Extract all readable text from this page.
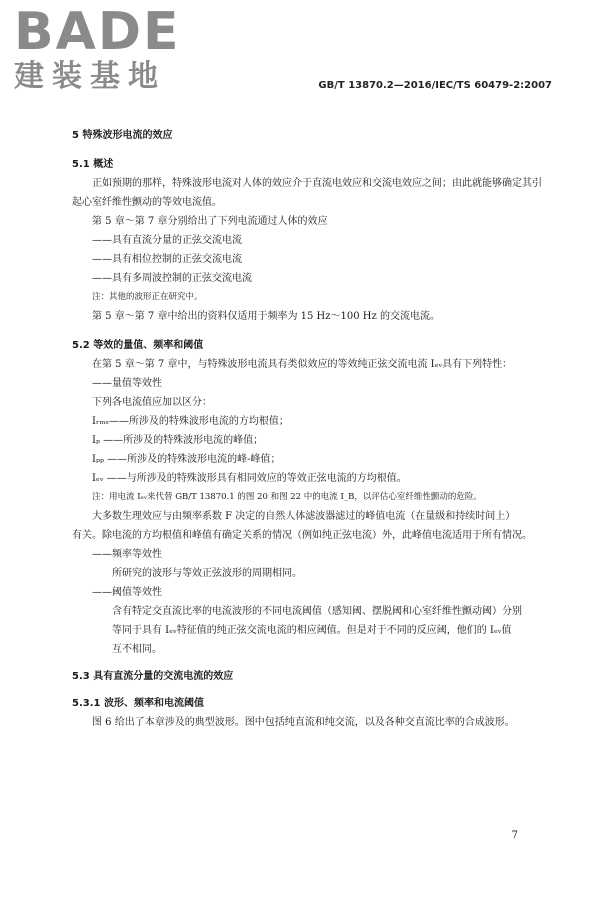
BADE
建装基地	GB/T 13870.2—2016/IEC/TS 60479-2:2007
5 特殊波形电流的效应
5.1 概述

正如预期的那样，特殊波形电流对人体的效应介于直流电效应和交流电效应之间；由此就能够确定其引起心室纤维性颤动的等效电流值。

第 5 章～第 7 章分别给出了下列电流通过人体的效应

——具有直流分量的正弦交流电流

——具有相位控制的正弦交流电流

——具有多周波控制的正弦交流电流

注：其他的波形正在研究中。

第 5 章～第 7 章中给出的资料仅适用于频率为 15 Hz～100 Hz 的交流电流。

5.2 等效的量值、频率和阈值

在第 5 章～第 7 章中，与特殊波形电流具有类似效应的等效纯正弦交流电流 Iₑᵥ具有下列特性：

——量值等效性

下列各电流值应加以区分：

Iᵣₘₛ——所涉及的特殊波形电流的方均根值；

Iₚ ——所涉及的特殊波形电流的峰值；

Iₚₚ ——所涉及的特殊波形电流的峰-峰值；

Iₑᵥ ——与所涉及的特殊波形具有相同效应的等效正弦电流的方均根值。

注：用电流 Iₑᵥ来代替 GB/T 13870.1 的图 20 和图 22 中的电流 I_B，以评估心室纤维性颤动的危险。

大多数生理效应与由频率系数 F 决定的自然人体滤波器滤过的峰值电流（在量级和持续时间上）

有关。除电流的方均根值和峰值有确定关系的情况（例如纯正弦电流）外，此峰值电流适用于所有情况。

——频率等效性

所研究的波形与等效正弦波形的周期相同。

——阈值等效性

含有特定交直流比率的电流波形的不同电流阈值（感知阈、摆脱阈和心室纤维性颤动阈）分别

等同于具有 Iₑᵥ特征值的纯正弦交流电流的相应阈值。但是对于不同的反应阈，他们的 Iₑᵥ值

互不相同。

5.3 具有直流分量的交流电流的效应
5.3.1 波形、频率和电流阈值

图 6 给出了本章涉及的典型波形。图中包括纯直流和纯交流，以及各种交直流比率的合成波形。

7
